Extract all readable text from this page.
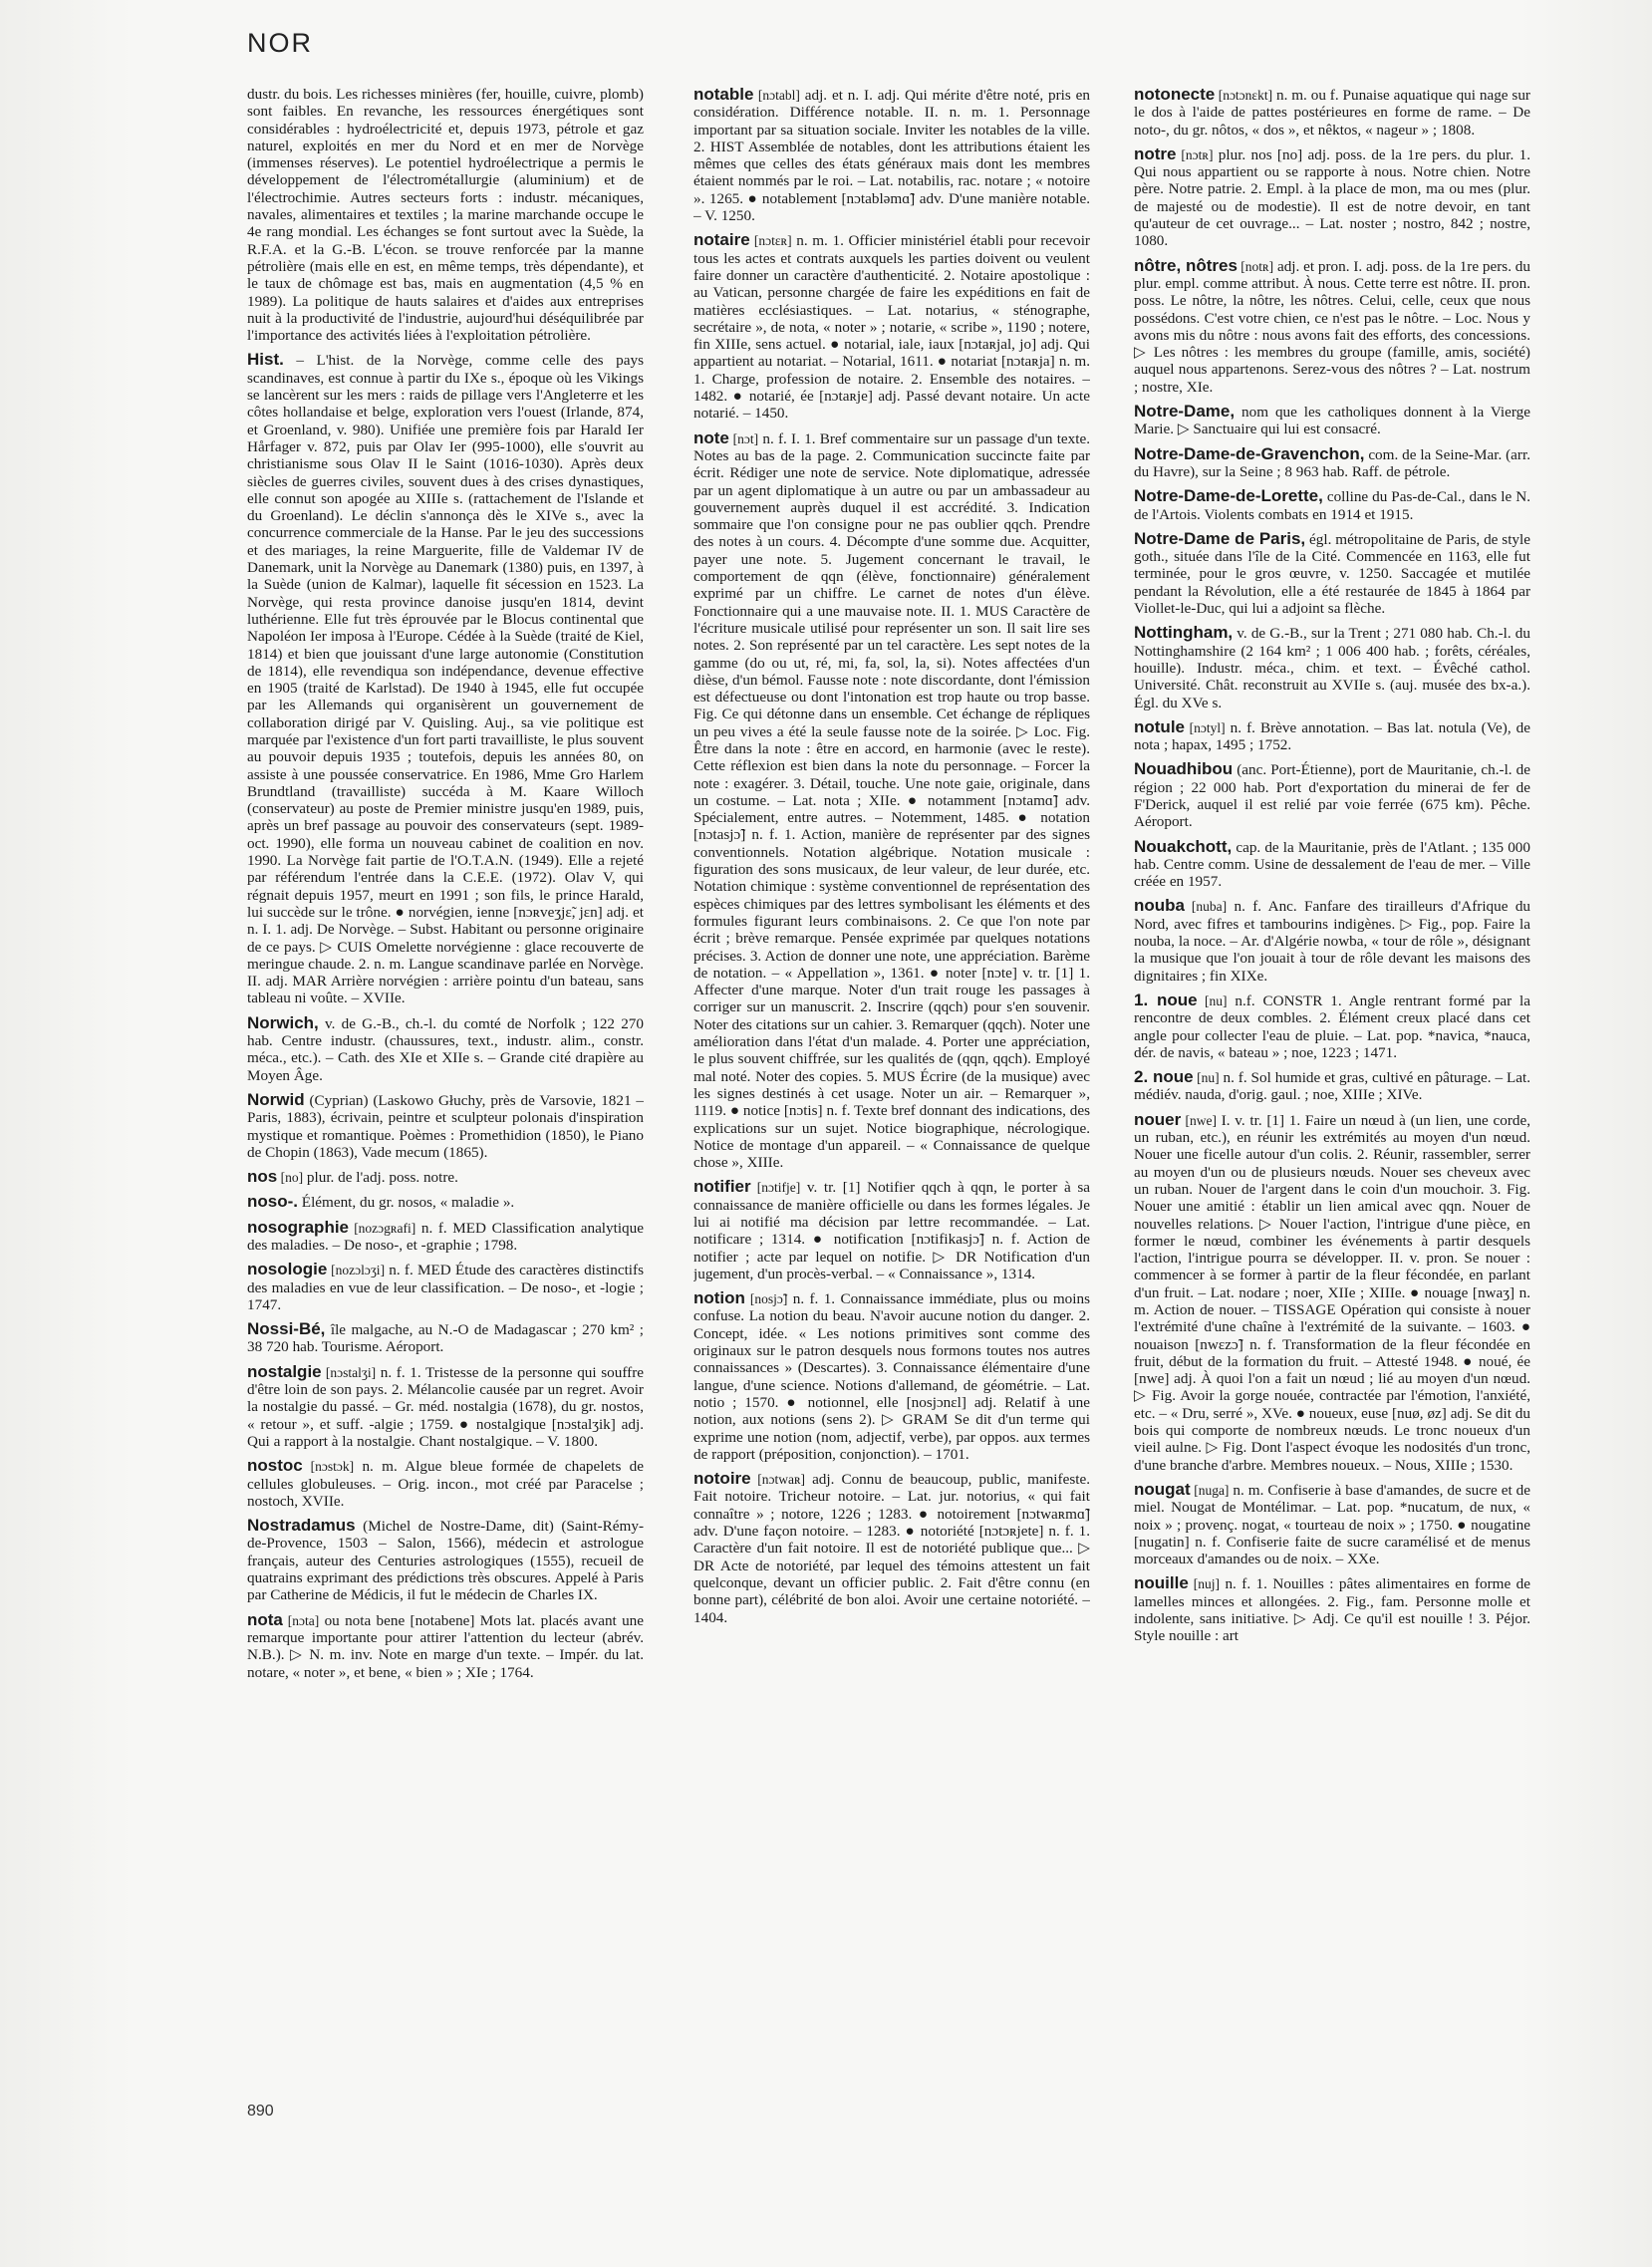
NOR

dustr. du bois. Les richesses minières (fer, houille, cuivre, plomb) sont faibles. En revanche, les ressources énergétiques sont considérables : hydroélectricité et, depuis 1973, pétrole et gaz naturel, exploités en mer du Nord et en mer de Norvège (immenses réserves). Le potentiel hydroélectrique a permis le développement de l'électrométallurgie (aluminium) et de l'électrochimie. Autres secteurs forts : industr. mécaniques, navales, alimentaires et textiles ; la marine marchande occupe le 4e rang mondial. Les échanges se font surtout avec la Suède, la R.F.A. et la G.-B. L'écon. se trouve renforcée par la manne pétrolière (mais elle en est, en même temps, très dépendante), et le taux de chômage est bas, mais en augmentation (4,5 % en 1989). La politique de hauts salaires et d'aides aux entreprises nuit à la productivité de l'industrie, aujourd'hui déséquilibrée par l'importance des activités liées à l'exploitation pétrolière.

Hist. – L'hist. de la Norvège, comme celle des pays scandinaves, est connue à partir du IXe s., époque où les Vikings se lancèrent sur les mers : raids de pillage vers l'Angleterre et les côtes hollandaise et belge, exploration vers l'ouest (Irlande, 874, et Groenland, v. 980). Unifiée une première fois par Harald Ier Hårfager v. 872, puis par Olav Ier (995-1000), elle s'ouvrit au christianisme sous Olav II le Saint (1016-1030). Après deux siècles de guerres civiles, souvent dues à des crises dynastiques, elle connut son apogée au XIIIe s. (rattachement de l'Islande et du Groenland). Le déclin s'annonça dès le XIVe s., avec la concurrence commerciale de la Hanse. Par le jeu des successions et des mariages, la reine Marguerite, fille de Valdemar IV de Danemark, unit la Norvège au Danemark (1380) puis, en 1397, à la Suède (union de Kalmar), laquelle fit sécession en 1523. La Norvège, qui resta province danoise jusqu'en 1814, devint luthérienne. Elle fut très éprouvée par le Blocus continental que Napoléon Ier imposa à l'Europe. Cédée à la Suède (traité de Kiel, 1814) et bien que jouissant d'une large autonomie (Constitution de 1814), elle revendiqua son indépendance, devenue effective en 1905 (traité de Karlstad). De 1940 à 1945, elle fut occupée par les Allemands qui organisèrent un gouvernement de collaboration dirigé par V. Quisling. Auj., sa vie politique est marquée par l'existence d'un fort parti travailliste, le plus souvent au pouvoir depuis 1935 ; toutefois, depuis les années 80, on assiste à une poussée conservatrice. En 1986, Mme Gro Harlem Brundtland (travailliste) succéda à M. Kaare Willoch (conservateur) au poste de Premier ministre jusqu'en 1989, puis, après un bref passage au pouvoir des conservateurs (sept. 1989-oct. 1990), elle forma un nouveau cabinet de coalition en nov. 1990. La Norvège fait partie de l'O.T.A.N. (1949). Elle a rejeté par référendum l'entrée dans la C.E.E. (1972). Olav V, qui régnait depuis 1957, meurt en 1991 ; son fils, le prince Harald, lui succède sur le trône. ● norvégien, ienne [nɔʀveʒjɛ̃, jɛn] adj. et n. I. 1. adj. De Norvège. – Subst. Habitant ou personne originaire de ce pays. ▷ CUIS Omelette norvégienne : glace recouverte de meringue chaude. 2. n. m. Langue scandinave parlée en Norvège. II. adj. MAR Arrière norvégien : arrière pointu d'un bateau, sans tableau ni voûte. – XVIIe.

Norwich, v. de G.-B., ch.-l. du comté de Norfolk ; 122 270 hab. Centre industr. (chaussures, text., industr. alim., constr. méca., etc.). – Cath. des XIe et XIIe s. – Grande cité drapière au Moyen Âge.

Norwid (Cyprian) (Laskowo Głuchy, près de Varsovie, 1821 – Paris, 1883), écrivain, peintre et sculpteur polonais d'inspiration mystique et romantique. Poèmes : Promethidion (1850), le Piano de Chopin (1863), Vade mecum (1865).

nos [no] plur. de l'adj. poss. notre.

noso-. Élément, du gr. nosos, « maladie ».

nosographie [nozɔgʀafi] n. f. MED Classification analytique des maladies. – De noso-, et -graphie ; 1798.

nosologie [nozɔlɔʒi] n. f. MED Étude des caractères distinctifs des maladies en vue de leur classification. – De noso-, et -logie ; 1747.

Nossi-Bé, île malgache, au N.-O de Madagascar ; 270 km² ; 38 720 hab. Tourisme. Aéroport.

nostalgie [nɔstalʒi] n. f. 1. Tristesse de la personne qui souffre d'être loin de son pays. 2. Mélancolie causée par un regret. Avoir la nostalgie du passé. – Gr. méd. nostalgia (1678), du gr. nostos, « retour », et suff. -algie ; 1759. ● nostalgique [nɔstalʒik] adj. Qui a rapport à la nostalgie. Chant nostalgique. – V. 1800.

nostoc [nɔstɔk] n. m. Algue bleue formée de chapelets de cellules globuleuses. – Orig. incon., mot créé par Paracelse ; nostoch, XVIIe.

Nostradamus (Michel de Nostre-Dame, dit) (Saint-Rémy-de-Provence, 1503 – Salon, 1566), médecin et astrologue français, auteur des Centuries astrologiques (1555), recueil de quatrains exprimant des prédictions très obscures. Appelé à Paris par Catherine de Médicis, il fut le médecin de Charles IX.

nota [nɔta] ou nota bene [notabene] Mots lat. placés avant une remarque importante pour attirer l'attention du lecteur (abrév. N.B.). ▷ N. m. inv. Note en marge d'un texte. – Impér. du lat. notare, « noter », et bene, « bien » ; XIe ; 1764.

notable [nɔtabl] adj. et n. I. adj. Qui mérite d'être noté, pris en considération. Différence notable. II. n. m. 1. Personnage important par sa situation sociale. Inviter les notables de la ville. 2. HIST Assemblée de notables, dont les attributions étaient les mêmes que celles des états généraux mais dont les membres étaient nommés par le roi. – Lat. notabilis, rac. notare ; « notoire ». 1265. ● notablement [nɔtabləmɑ̃] adv. D'une manière notable. – V. 1250.

notaire [nɔtɛʀ] n. m. 1. Officier ministériel établi pour recevoir tous les actes et contrats auxquels les parties doivent ou veulent faire donner un caractère d'authenticité. 2. Notaire apostolique : au Vatican, personne chargée de faire les expéditions en fait de matières ecclésiastiques. – Lat. notarius, « sténographe, secrétaire », de nota, « noter » ; notarie, « scribe », 1190 ; notere, fin XIIIe, sens actuel. ● notarial, iale, iaux [nɔtaʀjal, jo] adj. Qui appartient au notariat. – Notarial, 1611. ● notariat [nɔtaʀja] n. m. 1. Charge, profession de notaire. 2. Ensemble des notaires. – 1482. ● notarié, ée [nɔtaʀje] adj. Passé devant notaire. Un acte notarié. – 1450.

note [nɔt] n. f. I. 1. Bref commentaire sur un passage d'un texte. Notes au bas de la page. 2. Communication succincte faite par écrit. Rédiger une note de service. Note diplomatique, adressée par un agent diplomatique à un autre ou par un ambassadeur au gouvernement auprès duquel il est accrédité. 3. Indication sommaire que l'on consigne pour ne pas oublier qqch. Prendre des notes à un cours. 4. Décompte d'une somme due. Acquitter, payer une note. 5. Jugement concernant le travail, le comportement de qqn (élève, fonctionnaire) généralement exprimé par un chiffre. Le carnet de notes d'un élève. Fonctionnaire qui a une mauvaise note. II. 1. MUS Caractère de l'écriture musicale utilisé pour représenter un son. Il sait lire ses notes. 2. Son représenté par un tel caractère. Les sept notes de la gamme (do ou ut, ré, mi, fa, sol, la, si). Notes affectées d'un dièse, d'un bémol. Fausse note : note discordante, dont l'émission est défectueuse ou dont l'intonation est trop haute ou trop basse. Fig. Ce qui détonne dans un ensemble. Cet échange de répliques un peu vives a été la seule fausse note de la soirée. ▷ Loc. Fig. Être dans la note : être en accord, en harmonie (avec le reste). Cette réflexion est bien dans la note du personnage. – Forcer la note : exagérer. 3. Détail, touche. Une note gaie, originale, dans un costume. – Lat. nota ; XIIe. ● notamment [nɔtamɑ̃] adv. Spécialement, entre autres. – Notemment, 1485. ● notation [nɔtasjɔ̃] n. f. 1. Action, manière de représenter par des signes conventionnels. Notation algébrique. Notation musicale : figuration des sons musicaux, de leur valeur, de leur durée, etc. Notation chimique : système conventionnel de représentation des espèces chimiques par des lettres symbolisant les éléments et des formules figurant leurs combinaisons. 2. Ce que l'on note par écrit ; brève remarque. Pensée exprimée par quelques notations précises. 3. Action de donner une note, une appréciation. Barème de notation. – « Appellation », 1361. ● noter [nɔte] v. tr. [1] 1. Affecter d'une marque. Noter d'un trait rouge les passages à corriger sur un manuscrit. 2. Inscrire (qqch) pour s'en souvenir. Noter des citations sur un cahier. 3. Remarquer (qqch). Noter une amélioration dans l'état d'un malade. 4. Porter une appréciation, le plus souvent chiffrée, sur les qualités de (qqn, qqch). Employé mal noté. Noter des copies. 5. MUS Écrire (de la musique) avec les signes destinés à cet usage. Noter un air. – Remarquer », 1119. ● notice [nɔtis] n. f. Texte bref donnant des indications, des explications sur un sujet. Notice biographique, nécrologique. Notice de montage d'un appareil. – « Connaissance de quelque chose », XIIIe.

notifier [nɔtifje] v. tr. [1] Notifier qqch à qqn, le porter à sa connaissance de manière officielle ou dans les formes légales. Je lui ai notifié ma décision par lettre recommandée. – Lat. notificare ; 1314. ● notification [nɔtifikasjɔ̃] n. f. Action de notifier ; acte par lequel on notifie. ▷ DR Notification d'un jugement, d'un procès-verbal. – « Connaissance », 1314.

notion [nosjɔ̃] n. f. 1. Connaissance immédiate, plus ou moins confuse. La notion du beau. N'avoir aucune notion du danger. 2. Concept, idée. « Les notions primitives sont comme des originaux sur le patron desquels nous formons toutes nos autres connaissances » (Descartes). 3. Connaissance élémentaire d'une langue, d'une science. Notions d'allemand, de géométrie. – Lat. notio ; 1570. ● notionnel, elle [nosjɔnɛl] adj. Relatif à une notion, aux notions (sens 2). ▷ GRAM Se dit d'un terme qui exprime une notion (nom, adjectif, verbe), par oppos. aux termes de rapport (préposition, conjonction). – 1701.

notoire [nɔtwaʀ] adj. Connu de beaucoup, public, manifeste. Fait notoire. Tricheur notoire. – Lat. jur. notorius, « qui fait connaître » ; notore, 1226 ; 1283. ● notoirement [nɔtwaʀmɑ̃] adv. D'une façon notoire. – 1283. ● notoriété [nɔtɔʀjete] n. f. 1. Caractère d'un fait notoire. Il est de notoriété publique que... ▷ DR Acte de notoriété, par lequel des témoins attestent un fait quelconque, devant un officier public. 2. Fait d'être connu (en bonne part), célébrité de bon aloi. Avoir une certaine notoriété. – 1404.

notonecte [nɔtɔnɛkt] n. m. ou f. Punaise aquatique qui nage sur le dos à l'aide de pattes postérieures en forme de rame. – De noto-, du gr. nôtos, « dos », et nêktos, « nageur » ; 1808.

notre [nɔtʀ] plur. nos [no] adj. poss. de la 1re pers. du plur. 1. Qui nous appartient ou se rapporte à nous. Notre chien. Notre père. Notre patrie. 2. Empl. à la place de mon, ma ou mes (plur. de majesté ou de modestie). Il est de notre devoir, en tant qu'auteur de cet ouvrage... – Lat. noster ; nostro, 842 ; nostre, 1080.

nôtre, nôtres [notʀ] adj. et pron. I. adj. poss. de la 1re pers. du plur. empl. comme attribut. À nous. Cette terre est nôtre. II. pron. poss. Le nôtre, la nôtre, les nôtres. Celui, celle, ceux que nous possédons. C'est votre chien, ce n'est pas le nôtre. – Loc. Nous y avons mis du nôtre : nous avons fait des efforts, des concessions. ▷ Les nôtres : les membres du groupe (famille, amis, société) auquel nous appartenons. Serez-vous des nôtres ? – Lat. nostrum ; nostre, XIe.

Notre-Dame, nom que les catholiques donnent à la Vierge Marie. ▷ Sanctuaire qui lui est consacré.

Notre-Dame-de-Gravenchon, com. de la Seine-Mar. (arr. du Havre), sur la Seine ; 8 963 hab. Raff. de pétrole.

Notre-Dame-de-Lorette, colline du Pas-de-Cal., dans le N. de l'Artois. Violents combats en 1914 et 1915.

Notre-Dame de Paris, égl. métropolitaine de Paris, de style goth., située dans l'île de la Cité. Commencée en 1163, elle fut terminée, pour le gros œuvre, v. 1250. Saccagée et mutilée pendant la Révolution, elle a été restaurée de 1845 à 1864 par Viollet-le-Duc, qui lui a adjoint sa flèche.

Nottingham, v. de G.-B., sur la Trent ; 271 080 hab. Ch.-l. du Nottinghamshire (2 164 km² ; 1 006 400 hab. ; forêts, céréales, houille). Industr. méca., chim. et text. – Évêché cathol. Université. Chât. reconstruit au XVIIe s. (auj. musée des bx-a.). Égl. du XVe s.

notule [nɔtyl] n. f. Brève annotation. – Bas lat. notula (Ve), de nota ; hapax, 1495 ; 1752.

Nouadhibou (anc. Port-Étienne), port de Mauritanie, ch.-l. de région ; 22 000 hab. Port d'exportation du minerai de fer de F'Derick, auquel il est relié par voie ferrée (675 km). Pêche. Aéroport.

Nouakchott, cap. de la Mauritanie, près de l'Atlant. ; 135 000 hab. Centre comm. Usine de dessalement de l'eau de mer. – Ville créée en 1957.

nouba [nuba] n. f. Anc. Fanfare des tirailleurs d'Afrique du Nord, avec fifres et tambourins indigènes. ▷ Fig., pop. Faire la nouba, la noce. – Ar. d'Algérie nowba, « tour de rôle », désignant la musique que l'on jouait à tour de rôle devant les maisons des dignitaires ; fin XIXe.

1. noue [nu] n.f. CONSTR 1. Angle rentrant formé par la rencontre de deux combles. 2. Élément creux placé dans cet angle pour collecter l'eau de pluie. – Lat. pop. *navica, *nauca, dér. de navis, « bateau » ; noe, 1223 ; 1471.

2. noue [nu] n. f. Sol humide et gras, cultivé en pâturage. – Lat. médiév. nauda, d'orig. gaul. ; noe, XIIIe ; XIVe.

nouer [nwe] I. v. tr. [1] 1. Faire un nœud à (un lien, une corde, un ruban, etc.), en réunir les extrémités au moyen d'un nœud. Nouer une ficelle autour d'un colis. 2. Réunir, rassembler, serrer au moyen d'un ou de plusieurs nœuds. Nouer ses cheveux avec un ruban. Nouer de l'argent dans le coin d'un mouchoir. 3. Fig. Nouer une amitié : établir un lien amical avec qqn. Nouer de nouvelles relations. ▷ Nouer l'action, l'intrigue d'une pièce, en former le nœud, combiner les événements à partir desquels l'action, l'intrigue pourra se développer. II. v. pron. Se nouer : commencer à se former à partir de la fleur fécondée, en parlant d'un fruit. – Lat. nodare ; noer, XIIe ; XIIIe. ● nouage [nwaʒ] n. m. Action de nouer. – TISSAGE Opération qui consiste à nouer l'extrémité d'une chaîne à l'extrémité de la suivante. – 1603. ● nouaison [nwɛzɔ̃] n. f. Transformation de la fleur fécondée en fruit, début de la formation du fruit. – Attesté 1948. ● noué, ée [nwe] adj. À quoi l'on a fait un nœud ; lié au moyen d'un nœud. ▷ Fig. Avoir la gorge nouée, contractée par l'émotion, l'anxiété, etc. – « Dru, serré », XVe. ● noueux, euse [nuø, øz] adj. Se dit du bois qui comporte de nombreux nœuds. Le tronc noueux d'un vieil aulne. ▷ Fig. Dont l'aspect évoque les nodosités d'un tronc, d'une branche d'arbre. Membres noueux. – Nous, XIIIe ; 1530.

nougat [nuga] n. m. Confiserie à base d'amandes, de sucre et de miel. Nougat de Montélimar. – Lat. pop. *nucatum, de nux, « noix » ; provenç. nogat, « tourteau de noix » ; 1750. ● nougatine [nugatin] n. f. Confiserie faite de sucre caramélisé et de menus morceaux d'amandes ou de noix. – XXe.

nouille [nuj] n. f. 1. Nouilles : pâtes alimentaires en forme de lamelles minces et allongées. 2. Fig., fam. Personne molle et indolente, sans initiative. ▷ Adj. Ce qu'il est nouille ! 3. Péjor. Style nouille : art

890
